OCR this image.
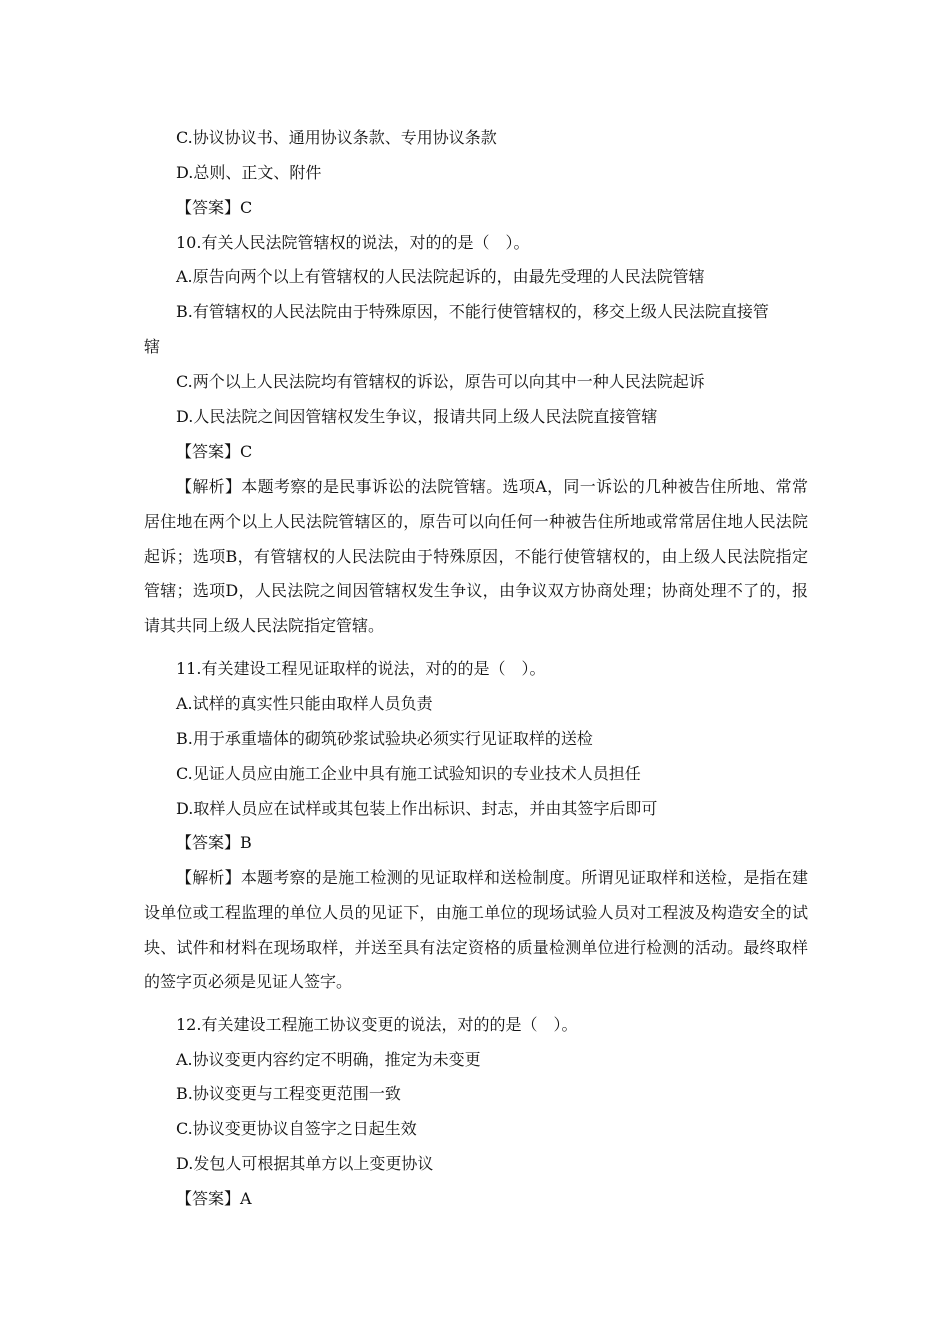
C.协议协议书、通用协议条款、专用协议条款
D.总则、正文、附件
【答案】C
10.有关人民法院管辖权的说法，对的的是（　）。
A.原告向两个以上有管辖权的人民法院起诉的，由最先受理的人民法院管辖
B.有管辖权的人民法院由于特殊原因，不能行使管辖权的，移交上级人民法院直接管
辖
C.两个以上人民法院均有管辖权的诉讼，原告可以向其中一种人民法院起诉
D.人民法院之间因管辖权发生争议，报请共同上级人民法院直接管辖
【答案】C
【解析】本题考察的是民事诉讼的法院管辖。选项A，同一诉讼的几种被告住所地、常常居住地在两个以上人民法院管辖区的，原告可以向任何一种被告住所地或常常居住地人民法院起诉；选项B，有管辖权的人民法院由于特殊原因，不能行使管辖权的，由上级人民法院指定管辖；选项D，人民法院之间因管辖权发生争议，由争议双方协商处理；协商处理不了的，报请其共同上级人民法院指定管辖。
11.有关建设工程见证取样的说法，对的的是（　）。
A.试样的真实性只能由取样人员负责
B.用于承重墙体的砌筑砂浆试验块必须实行见证取样的送检
C.见证人员应由施工企业中具有施工试验知识的专业技术人员担任
D.取样人员应在试样或其包装上作出标识、封志，并由其签字后即可
【答案】B
【解析】本题考察的是施工检测的见证取样和送检制度。所谓见证取样和送检，是指在建设单位或工程监理的单位人员的见证下，由施工单位的现场试验人员对工程波及构造安全的试块、试件和材料在现场取样，并送至具有法定资格的质量检测单位进行检测的活动。最终取样的签字页必须是见证人签字。
12.有关建设工程施工协议变更的说法，对的的是（　）。
A.协议变更内容约定不明确，推定为未变更
B.协议变更与工程变更范围一致
C.协议变更协议自签字之日起生效
D.发包人可根据其单方以上变更协议
【答案】A
